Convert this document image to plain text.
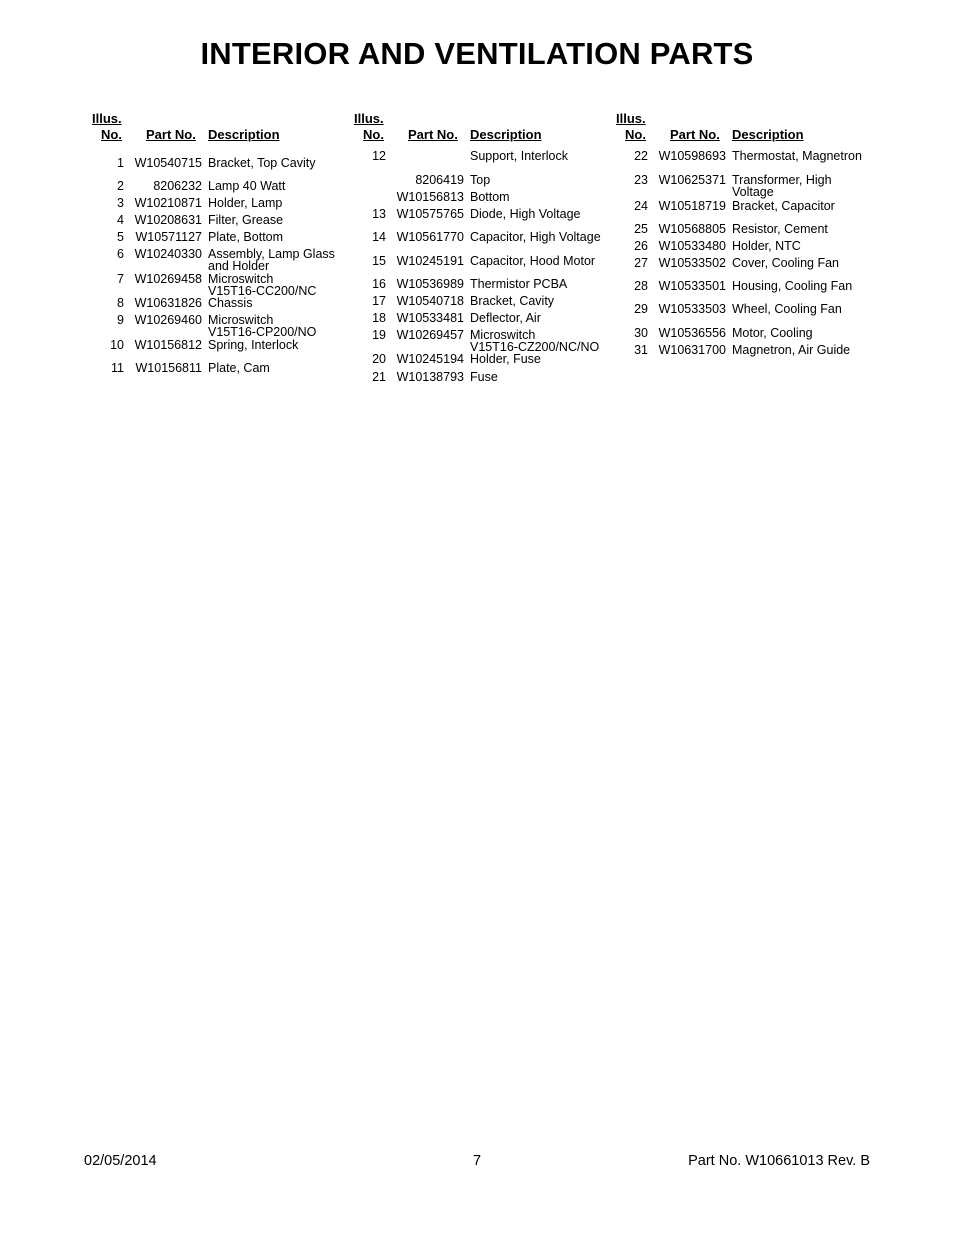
INTERIOR AND VENTILATION PARTS
Illus.
No. Part No. Description
1 W10540715 Bracket, Top Cavity
2	8206232 Lamp 40 Watt
3 W10210871 Holder, Lamp
4 W10208631 Filter, Grease
5 W10571127 Plate, Bottom
6 W10240330 Assembly, Lamp Glass
and Holder
7 W10269458 Microswitch
V15T16-CC200/NC
8 W10631826 Chassis
9 W10269460 Microswitch
V15T16-CP200/NO
10 W10156812 Spring, Interlock
11 W10156811 Plate, Cam
Illus.
No. Part No. Description
12	Support, Interlock
8206419 Top
W10156813 Bottom
13 W10575765 Diode, High Voltage
14 W10561770 Capacitor, High Voltage
15 W10245191 Capacitor, Hood Motor
16 W10536989 Thermistor PCBA
17 W10540718 Bracket, Cavity
18 W10533481 Deflector, Air
19 W10269457 Microswitch
V15T16-CZ200/NC/NO
20 W10245194 Holder, Fuse
21 W10138793 Fuse
Illus.
No. Part No. Description
22 W10598693 Thermostat, Magnetron
23 W10625371 Transformer, High
Voltage
24 W10518719 Bracket, Capacitor
25 W10568805 Resistor, Cement
26 W10533480 Holder, NTC
27 W10533502 Cover, Cooling Fan
28 W10533501 Housing, Cooling Fan
29 W10533503 Wheel, Cooling Fan
30 W10536556 Motor, Cooling
31 W10631700 Magnetron, Air Guide
02/05/2014	7	Part No. W10661013 Rev. B
